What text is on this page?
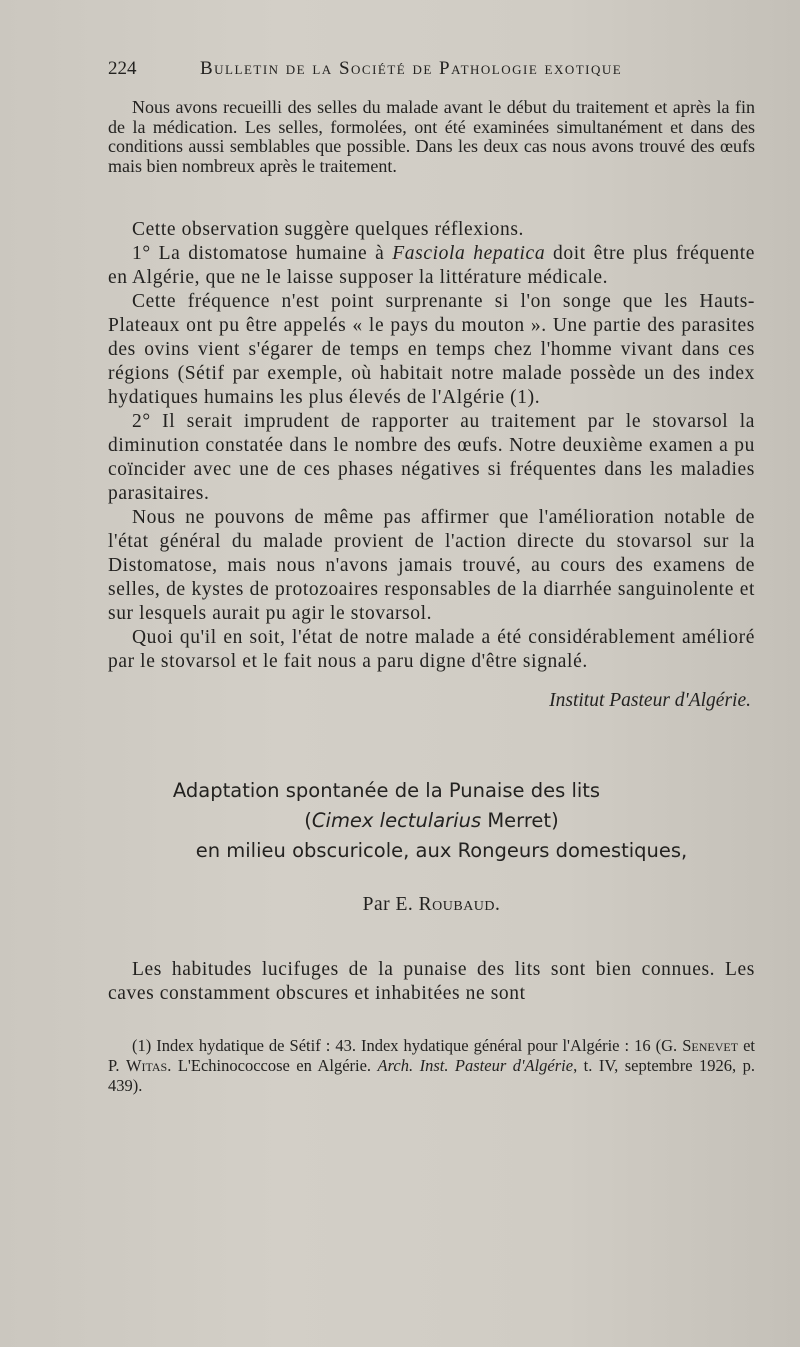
224	Bulletin de la Société de Pathologie exotique

Nous avons recueilli des selles du malade avant le début du traitement et après la fin de la médication. Les selles, formolées, ont été examinées simultanément et dans des conditions aussi semblables que possible. Dans les deux cas nous avons trouvé des œufs mais bien nombreux après le traitement.

Cette observation suggère quelques réflexions.

1° La distomatose humaine à Fasciola hepatica doit être plus fréquente en Algérie, que ne le laisse supposer la littérature médicale.

Cette fréquence n'est point surprenante si l'on songe que les Hauts-Plateaux ont pu être appelés « le pays du mouton ». Une partie des parasites des ovins vient s'égarer de temps en temps chez l'homme vivant dans ces régions (Sétif par exemple, où habitait notre malade possède un des index hydatiques humains les plus élevés de l'Algérie (1).

2° Il serait imprudent de rapporter au traitement par le stovarsol la diminution constatée dans le nombre des œufs. Notre deuxième examen a pu coïncider avec une de ces phases négatives si fréquentes dans les maladies parasitaires.

Nous ne pouvons de même pas affirmer que l'amélioration notable de l'état général du malade provient de l'action directe du stovarsol sur la Distomatose, mais nous n'avons jamais trouvé, au cours des examens de selles, de kystes de protozoaires responsables de la diarrhée sanguinolente et sur lesquels aurait pu agir le stovarsol.

Quoi qu'il en soit, l'état de notre malade a été considérablement amélioré par le stovarsol et le fait nous a paru digne d'être signalé.

Institut Pasteur d'Algérie.

Adaptation spontanée de la Punaise des lits
(Cimex lectularius Merret)
en milieu obscuricole, aux Rongeurs domestiques,

Par E. Roubaud.

Les habitudes lucifuges de la punaise des lits sont bien connues. Les caves constamment obscures et inhabitées ne sont

(1) Index hydatique de Sétif : 43. Index hydatique général pour l'Algérie : 16 (G. Senevet et P. Witas. L'Echinococcose en Algérie. Arch. Inst. Pasteur d'Algérie, t. IV, septembre 1926, p. 439).
